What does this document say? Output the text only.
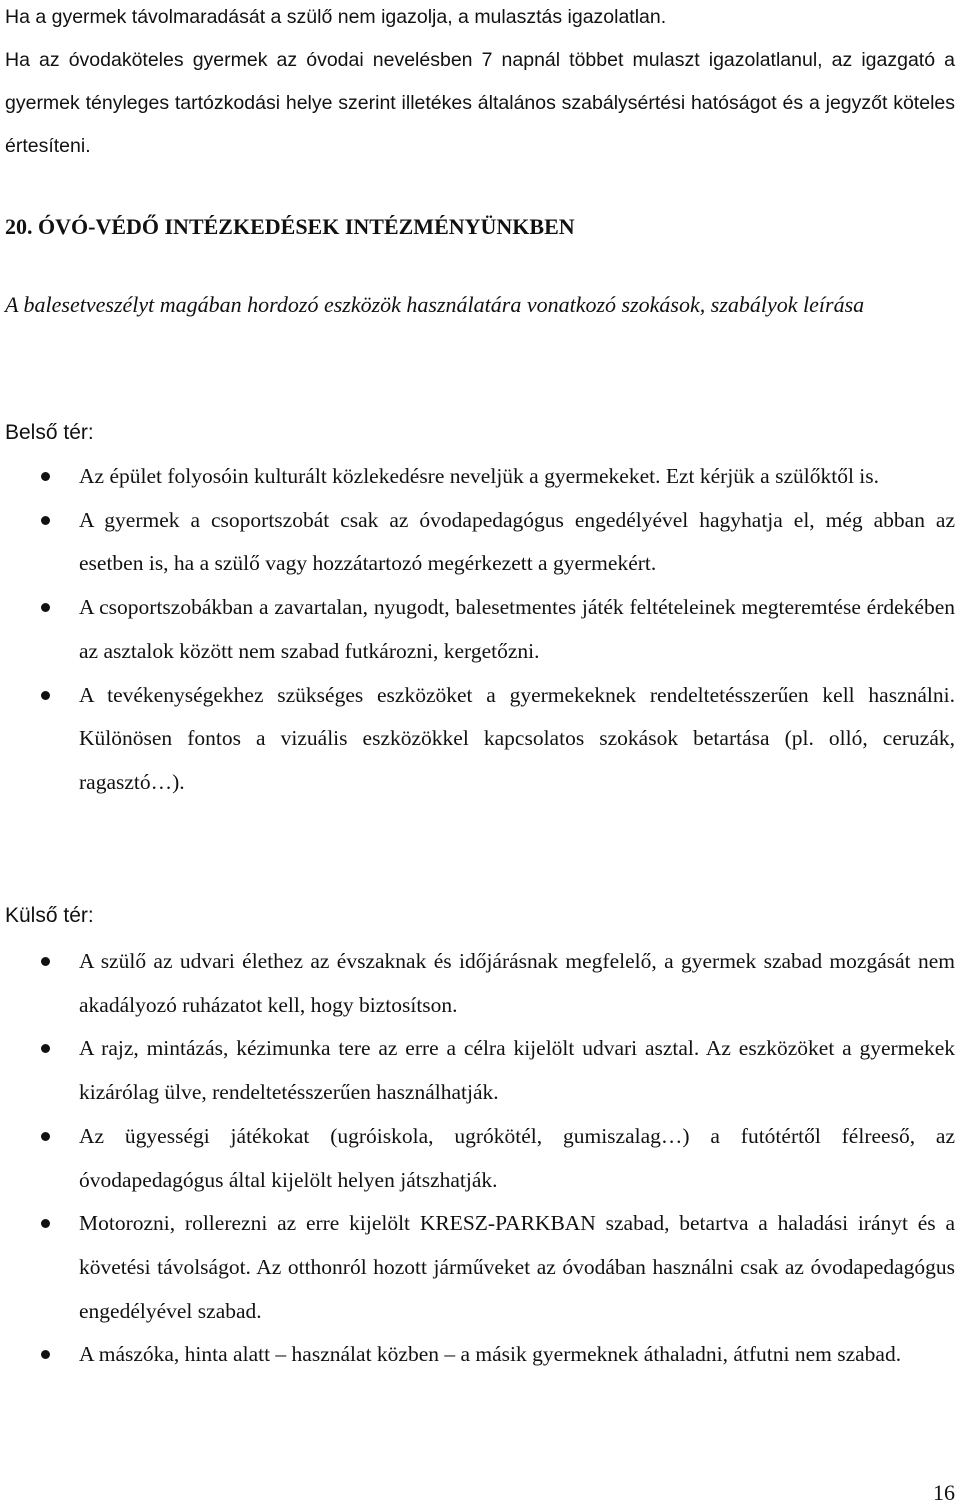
Ha a gyermek távolmaradását a szülő nem igazolja, a mulasztás igazolatlan.

Ha az óvodaköteles gyermek az óvodai nevelésben 7 napnál többet mulaszt igazolatlanul, az igazgató a gyermek tényleges tartózkodási helye szerint illetékes általános szabálysértési hatóságot és a jegyzőt köteles értesíteni.

20. ÓVÓ-VÉDŐ INTÉZKEDÉSEK INTÉZMÉNYÜNKBEN
A balesetveszélyt magában hordozó eszközök használatára vonatkozó szokások, szabályok leírása
Belső tér:
Az épület folyosóin kulturált közlekedésre neveljük a gyermekeket. Ezt kérjük a szülőktől is.
A gyermek a csoportszobát csak az óvodapedagógus engedélyével hagyhatja el, még abban az esetben is, ha a szülő vagy hozzátartozó megérkezett a gyermekért.
A csoportszobákban a zavartalan, nyugodt, balesetmentes játék feltételeinek megteremtése érdekében az asztalok között nem szabad futkározni, kergetőzni.
A tevékenységekhez szükséges eszközöket a gyermekeknek rendeltetésszerűen kell használni. Különösen fontos a vizuális eszközökkel kapcsolatos szokások betartása (pl. olló, ceruzák, ragasztó…).
Külső tér:
A szülő az udvari élethez az évszaknak és időjárásnak megfelelő, a gyermek szabad mozgását nem akadályozó ruházatot kell, hogy biztosítson.
A rajz, mintázás, kézimunka tere az erre a célra kijelölt udvari asztal. Az eszközöket a gyermekek kizárólag ülve, rendeltetésszerűen használhatják.
Az ügyességi játékokat (ugróiskola, ugrókötél, gumiszalag…) a futótértől félreeső, az óvodapedagógus által kijelölt helyen játszhatják.
Motorozni, rollerezni az erre kijelölt KRESZ-PARKBAN szabad, betartva a haladási irányt és a követési távolságot. Az otthonról hozott járműveket az óvodában használni csak az óvodapedagógus engedélyével szabad.
A mászóka, hinta alatt – használat közben – a másik gyermeknek áthaladni, átfutni nem szabad.
16
